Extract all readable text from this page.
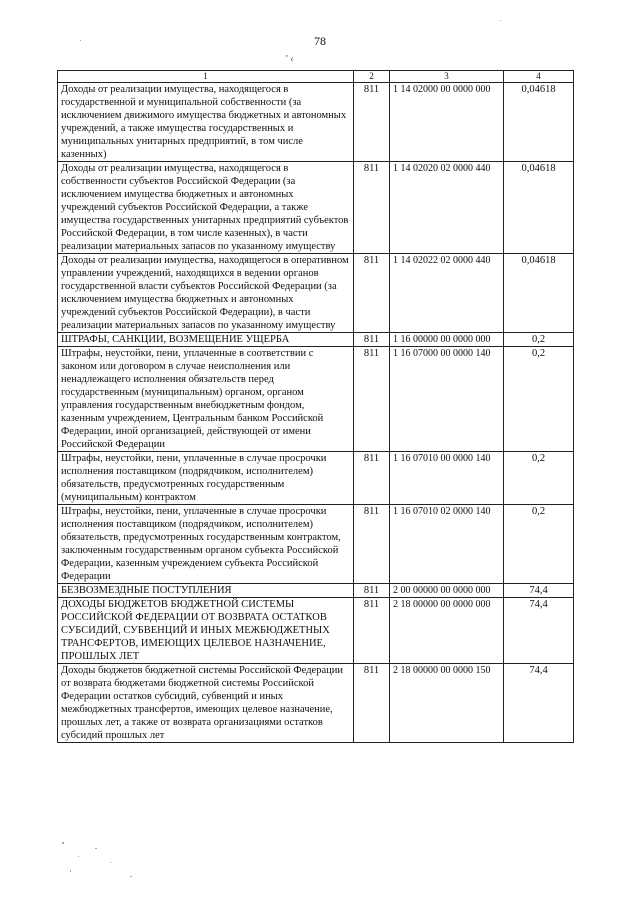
78
' ‹
1	2	3	4
Доходы от реализации имущества, находящегося в государственной и муниципальной собственности (за исключением движимого имущества бюджетных и автономных учреждений, а также имущества государственных и муниципальных унитарных предприятий, в том числе казенных)	811	1 14 02000 00 0000 000	0,04618
Доходы от реализации имущества, находящегося в собственности субъектов Российской Федерации (за исключением имущества бюджетных и автономных учреждений субъектов Российской Федерации, а также имущества государственных унитарных предприятий субъектов Российской Федерации, в том числе казенных), в части реализации материальных запасов по указанному имуществу	811	1 14 02020 02 0000 440	0,04618
Доходы от реализации имущества, находящегося в оперативном управлении учреждений, находящихся в ведении органов государственной власти субъектов Российской Федерации (за исключением имущества бюджетных и автономных учреждений субъектов Российской Федерации), в части реализации материальных запасов по указанному имуществу	811	1 14 02022 02 0000 440	0,04618
ШТРАФЫ, САНКЦИИ, ВОЗМЕЩЕНИЕ УЩЕРБА	811	1 16 00000 00 0000 000	0,2
Штрафы, неустойки, пени, уплаченные в соответствии с законом или договором в случае неисполнения или ненадлежащего исполнения обязательств перед государственным (муниципальным) органом, органом управления государственным внебюджетным фондом, казенным учреждением, Центральным банком Российской Федерации, иной организацией, действующей от имени Российской Федерации	811	1 16 07000 00 0000 140	0,2
Штрафы, неустойки, пени, уплаченные в случае просрочки исполнения поставщиком (подрядчиком, исполнителем) обязательств, предусмотренных государственным (муниципальным) контрактом	811	1 16 07010 00 0000 140	0,2
Штрафы, неустойки, пени, уплаченные в случае просрочки исполнения поставщиком (подрядчиком, исполнителем) обязательств, предусмотренных государственным контрактом, заключенным государственным органом субъекта Российской Федерации, казенным учреждением субъекта Российской Федерации	811	1 16 07010 02 0000 140	0,2
БЕЗВОЗМЕЗДНЫЕ ПОСТУПЛЕНИЯ	811	2 00 00000 00 0000 000	74,4
ДОХОДЫ БЮДЖЕТОВ БЮДЖЕТНОЙ СИСТЕМЫ РОССИЙСКОЙ ФЕДЕРАЦИИ ОТ ВОЗВРАТА ОСТАТКОВ СУБСИДИЙ, СУБВЕНЦИЙ И ИНЫХ МЕЖБЮДЖЕТНЫХ ТРАНСФЕРТОВ, ИМЕЮЩИХ ЦЕЛЕВОЕ НАЗНАЧЕНИЕ, ПРОШЛЫХ ЛЕТ	811	2 18 00000 00 0000 000	74,4
Доходы бюджетов бюджетной системы Российской Федерации от возврата бюджетами бюджетной системы Российской Федерации остатков субсидий, субвенций и иных межбюджетных трансфертов, имеющих целевое назначение, прошлых лет, а также от возврата организациями остатков субсидий прошлых лет	811	2 18 00000 00 0000 150	74,4
